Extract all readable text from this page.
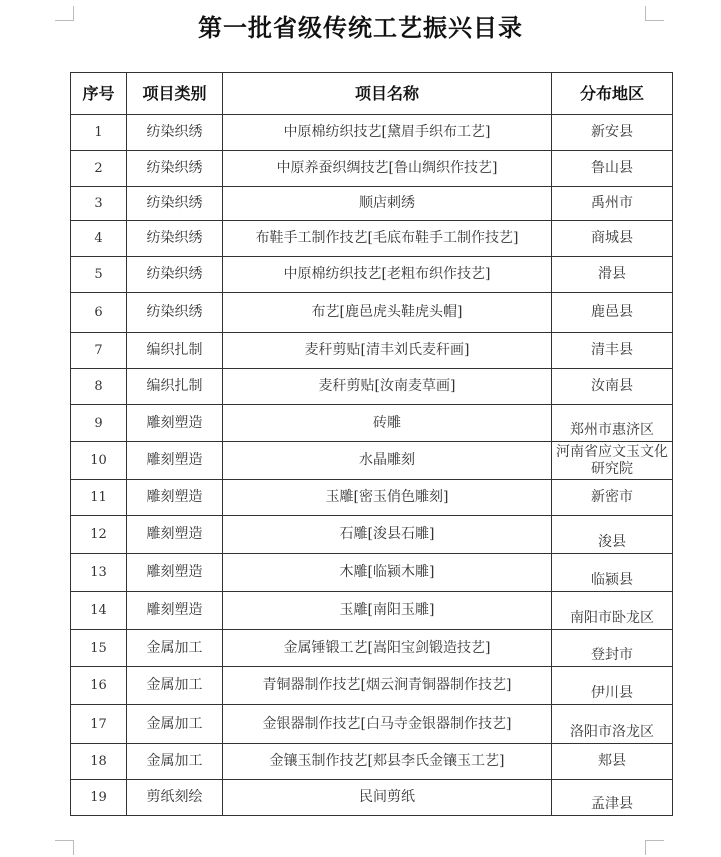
第一批省级传统工艺振兴目录
序号	项目类别	项目名称	分布地区
1	纺染织绣	中原棉纺织技艺[黛眉手织布工艺]	新安县
2	纺染织绣	中原养蚕织绸技艺[鲁山绸织作技艺]	鲁山县
3	纺染织绣	顺店刺绣	禹州市
4	纺染织绣	布鞋手工制作技艺[毛底布鞋手工制作技艺]	商城县
5	纺染织绣	中原棉纺织技艺[老粗布织作技艺]	滑县
6	纺染织绣	布艺[鹿邑虎头鞋虎头帽]	鹿邑县
7	编织扎制	麦秆剪贴[清丰刘氏麦秆画]	清丰县
8	编织扎制	麦秆剪贴[汝南麦草画]	汝南县
9	雕刻塑造	砖雕	郑州市惠济区
10	雕刻塑造	水晶雕刻	河南省应文玉文化研究院
11	雕刻塑造	玉雕[密玉俏色雕刻]	新密市
12	雕刻塑造	石雕[浚县石雕]	浚县
13	雕刻塑造	木雕[临颍木雕]	临颍县
14	雕刻塑造	玉雕[南阳玉雕]	南阳市卧龙区
15	金属加工	金属锤锻工艺[嵩阳宝剑锻造技艺]	登封市
16	金属加工	青铜器制作技艺[烟云涧青铜器制作技艺]	伊川县
17	金属加工	金银器制作技艺[白马寺金银器制作技艺]	洛阳市洛龙区
18	金属加工	金镶玉制作技艺[郏县李氏金镶玉工艺]	郏县
19	剪纸刻绘	民间剪纸	孟津县
